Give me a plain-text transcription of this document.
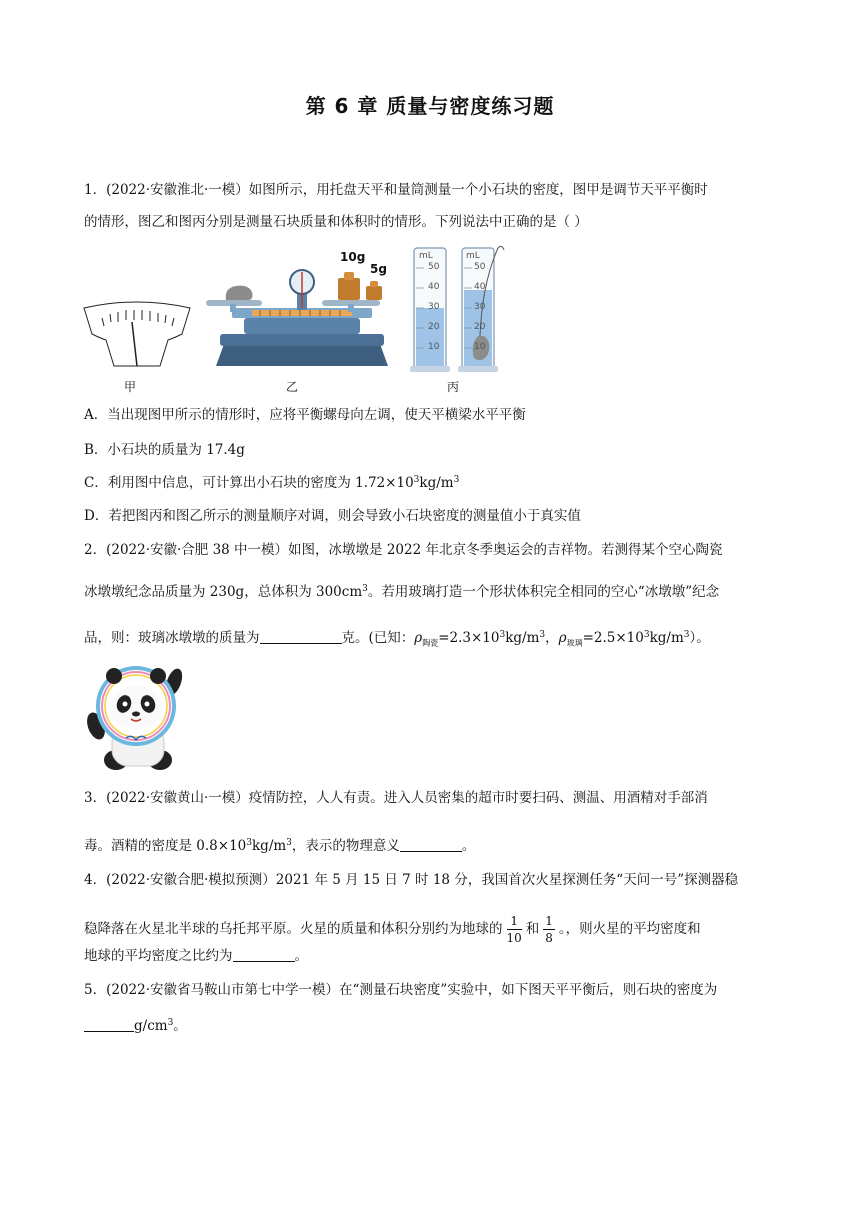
第 6 章 质量与密度练习题
1．(2022·安徽淮北·一模）如图所示，用托盘天平和量筒测量一个小石块的密度，图甲是调节天平平衡时
的情形，图乙和图丙分别是测量石块质量和体积时的情形。下列说法中正确的是（ ）
甲
10g
5g
乙
mL
50
40
30
20
10
mL
50
40
30
20
10
丙
A．当出现图甲所示的情形时，应将平衡螺母向左调，使天平横梁水平平衡
B．小石块的质量为 17.4g
C．利用图中信息，可计算出小石块的密度为 $1.72\times 10^3kg/m^3$
D．若把图丙和图乙所示的测量顺序对调，则会导致小石块密度的测量值小于真实值
2．(2022·安徽·合肥 38 中一模）如图，冰墩墩是 2022 年北京冬季奥运会的吉祥物。若测得某个空心陶瓷
冰墩墩纪念品质量为 230g，总体积为 $300cm^3$。若用玻璃打造一个形状体积完全相同的空心“冰墩墩”纪念
品，则：玻璃冰墩墩的质量为	克。(已知：$\rho_{陶瓷}=2.3\times 10^3kg/m^3$，$\rho_{玻璃}=2.5\times 10^3kg/m^3$）。
3．(2022·安徽黄山·一模）疫情防控，人人有责。进入人员密集的超市时要扫码、测温、用酒精对手部消
毒。酒精的密度是 $0.8\times 10^3kg/m^3$，表示的物理意义	。
4．(2022·安徽合肥·模拟预测）2021 年 5 月 15 日 7 时 18 分，我国首次火星探测任务“天问一号”探测器稳
稳降落在火星北半球的乌托邦平原。火星的质量和体积分别约为地球的 $\frac{1}{10}$ 和 $\frac{1}{8}$ 。，则火星的平均密度和
地球的平均密度之比约为	。
5．(2022·安徽省马鞍山市第七中学一模）在“测量石块密度”实验中，如下图天平平衡后，则石块的密度为
$g/cm^3$。
